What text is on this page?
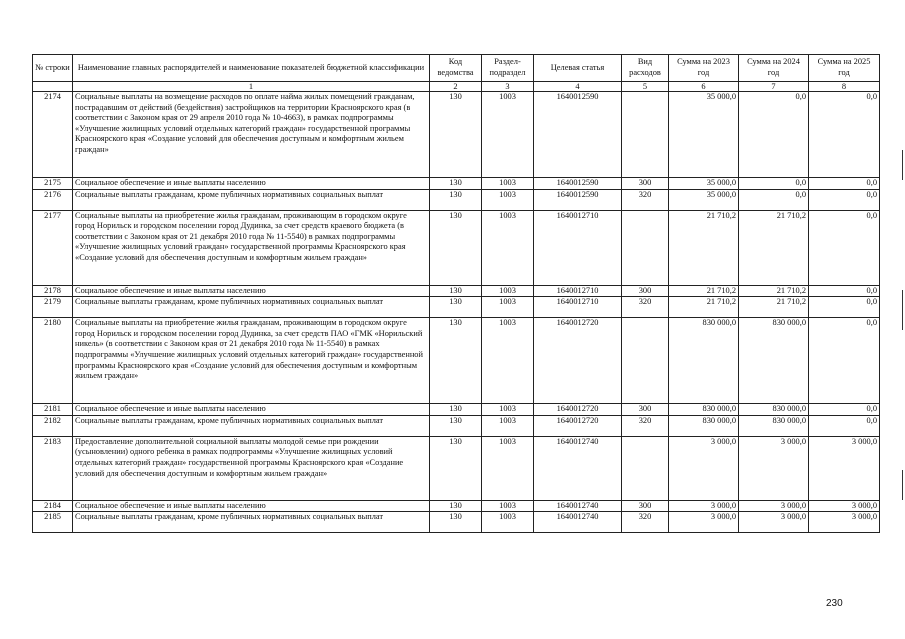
№ строки	Наименование главных распорядителей и наименование показателей бюджетной классификации	Код ведомства	Раздел-подраздел	Целевая статья	Вид расходов	Сумма на 2023 год	Сумма на 2024 год	Сумма на 2025 год
	1	2	3	4	5	6	7	8
2174	Социальные выплаты на возмещение расходов по оплате найма жилых помещений гражданам, пострадавшим от действий (бездействия) застройщиков на территории Красноярского края (в соответствии с Законом края от 29 апреля 2010 года № 10-4663), в рамках подпрограммы «Улучшение жилищных условий отдельных категорий граждан» государственной программы Красноярского края «Создание условий для обеспечения доступным и комфортным жильем граждан»	130	1003	1640012590		35 000,0	0,0	0,0
2175	Социальное обеспечение и иные выплаты населению	130	1003	1640012590	300	35 000,0	0,0	0,0
2176	Социальные выплаты гражданам, кроме публичных нормативных социальных выплат	130	1003	1640012590	320	35 000,0	0,0	0,0
2177	Социальные выплаты на приобретение жилья гражданам, проживающим в городском округе город Норильск и городском поселении город Дудинка, за счет средств краевого бюджета (в соответствии с Законом края от 21 декабря 2010 года № 11-5540) в рамках подпрограммы «Улучшение жилищных условий граждан» государственной программы Красноярского края «Создание условий для обеспечения доступным и комфортным жильем граждан»	130	1003	1640012710		21 710,2	21 710,2	0,0
2178	Социальное обеспечение и иные выплаты населению	130	1003	1640012710	300	21 710,2	21 710,2	0,0
2179	Социальные выплаты гражданам, кроме публичных нормативных социальных выплат	130	1003	1640012710	320	21 710,2	21 710,2	0,0
2180	Социальные выплаты на приобретение жилья гражданам, проживающим в городском округе город Норильск и городском поселении город Дудинка, за счет средств ПАО «ГМК «Норильский никель» (в соответствии с Законом края от 21 декабря 2010 года № 11-5540) в рамках подпрограммы «Улучшение жилищных условий отдельных категорий граждан» государственной программы Красноярского края «Создание условий для обеспечения доступным и комфортным жильем граждан»	130	1003	1640012720		830 000,0	830 000,0	0,0
2181	Социальное обеспечение и иные выплаты населению	130	1003	1640012720	300	830 000,0	830 000,0	0,0
2182	Социальные выплаты гражданам, кроме публичных нормативных социальных выплат	130	1003	1640012720	320	830 000,0	830 000,0	0,0
2183	Предоставление дополнительной социальной выплаты молодой семье при рождении (усыновлении) одного ребенка в рамках подпрограммы «Улучшение жилищных условий отдельных категорий граждан» государственной программы Красноярского края «Создание условий для обеспечения доступным и комфортным жильем граждан»	130	1003	1640012740		3 000,0	3 000,0	3 000,0
2184	Социальное обеспечение и иные выплаты населению	130	1003	1640012740	300	3 000,0	3 000,0	3 000,0
2185	Социальные выплаты гражданам, кроме публичных нормативных социальных выплат	130	1003	1640012740	320	3 000,0	3 000,0	3 000,0
230
